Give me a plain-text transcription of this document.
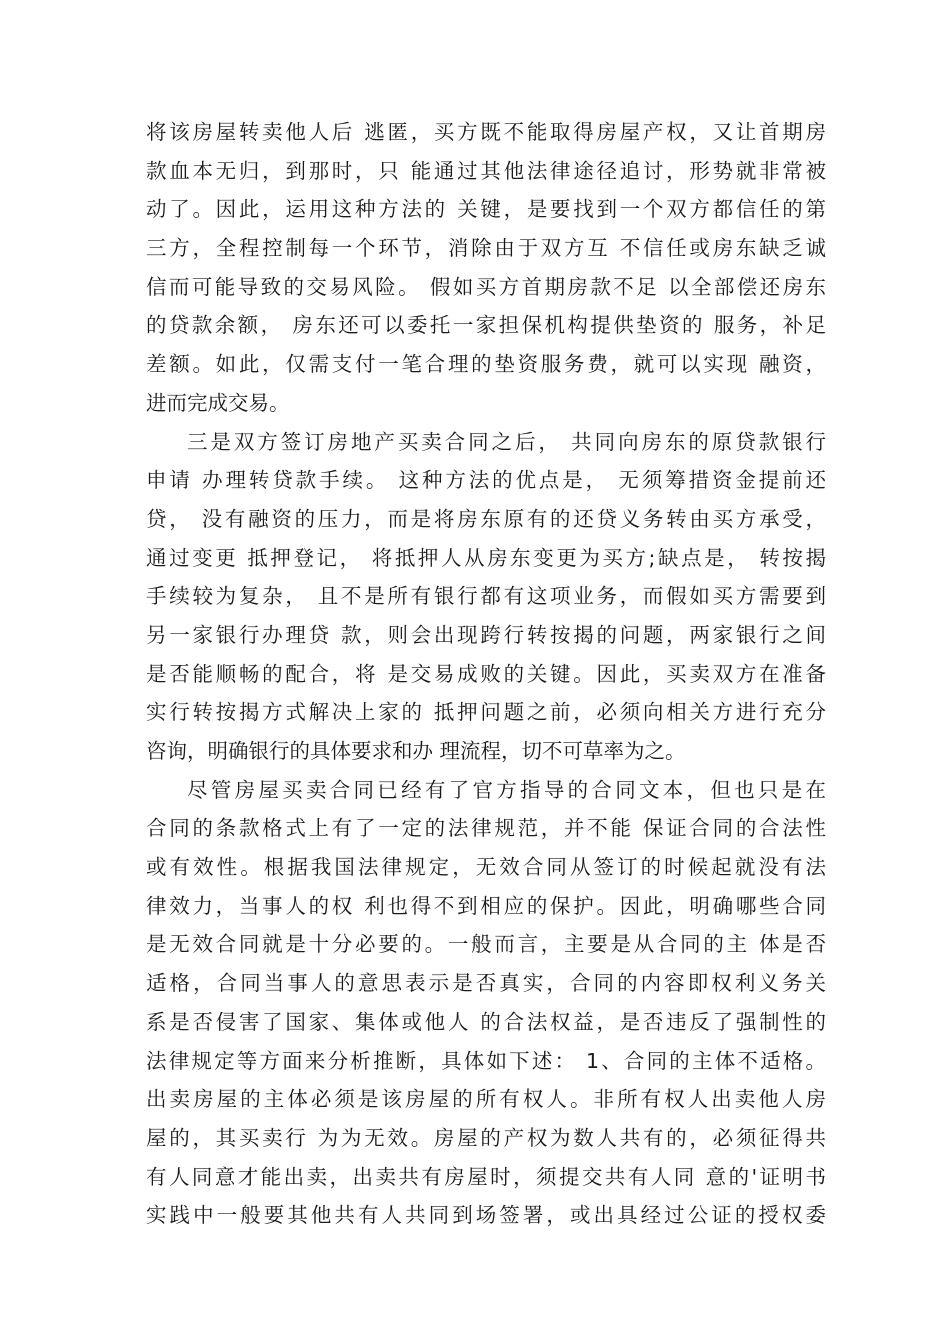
将该房屋转卖他人后 逃匿，买方既不能取得房屋产权，又让首期房
款血本无归，到那时，只 能通过其他法律途径追讨，形势就非常被
动了。因此，运用这种方法的 关键，是要找到一个双方都信任的第
三方，全程控制每一个环节，消除由于双方互 不信任或房东缺乏诚
信而可能导致的交易风险。 假如买方首期房款不足 以全部偿还房东
的贷款余额， 房东还可以委托一家担保机构提供垫资的 服务，补足
差额。如此，仅需支付一笔合理的垫资服务费，就可以实现 融资，
进而完成交易。
三是双方签订房地产买卖合同之后， 共同向房东的原贷款银行
申请 办理转贷款手续。 这种方法的优点是， 无须筹措资金提前还
贷， 没有融资的压力，而是将房东原有的还贷义务转由买方承受，
通过变更 抵押登记， 将抵押人从房东变更为买方;缺点是， 转按揭
手续较为复杂， 且不是所有银行都有这项业务，而假如买方需要到
另一家银行办理贷 款，则会出现跨行转按揭的问题，两家银行之间
是否能顺畅的配合，将 是交易成败的关键。因此，买卖双方在准备
实行转按揭方式解决上家的 抵押问题之前，必须向相关方进行充分
咨询，明确银行的具体要求和办 理流程，切不可草率为之。
尽管房屋买卖合同已经有了官方指导的合同文本，但也只是在
合同的条款格式上有了一定的法律规范，并不能 保证合同的合法性
或有效性。根据我国法律规定，无效合同从签订的时候起就没有法
律效力，当事人的权 利也得不到相应的保护。因此，明确哪些合同
是无效合同就是十分必要的。一般而言，主要是从合同的主 体是否
适格，合同当事人的意思表示是否真实，合同的内容即权利义务关
系是否侵害了国家、集体或他人 的合法权益，是否违反了强制性的
法律规定等方面来分析推断，具体如下述： 1、合同的主体不适格。
出卖房屋的主体必须是该房屋的所有权人。非所有权人出卖他人房
屋的，其买卖行 为为无效。房屋的产权为数人共有的，必须征得共
有人同意才能出卖，出卖共有房屋时，须提交共有人同 意的'证明书
实践中一般要其他共有人共同到场签署，或出具经过公证的授权委
